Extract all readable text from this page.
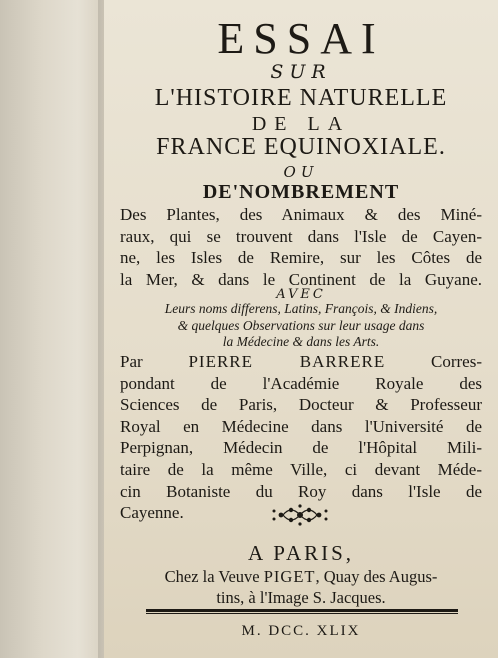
ESSAI
SUR
L'HISTOIRE NATURELLE
DE LA
FRANCE EQUINOXIALE.
OU
DE'NOMBREMENT
Des Plantes, des Animaux & des Miné-
raux, qui se trouvent dans l'Isle de Cayen-
ne, les Isles de Remire, sur les Côtes de
la Mer, & dans le Continent de la Guyane.
AVEC
Leurs noms differens, Latins, François, & Indiens,
& quelques Observations sur leur usage dans
la Médecine & dans les Arts.
Par PIERRE BARRERE Corres-
pondant de l'Académie Royale des
Sciences de Paris, Docteur & Professeur
Royal en Médecine dans l'Université de
Perpignan, Médecin de l'Hôpital Mili-
taire de la même Ville, ci devant Méde-
cin Botaniste du Roy dans l'Isle de
Cayenne.
A PARIS,
Chez la Veuve PIGET, Quay des Augus-
tins, à l'Image S. Jacques.
M. DCC. XLIX
